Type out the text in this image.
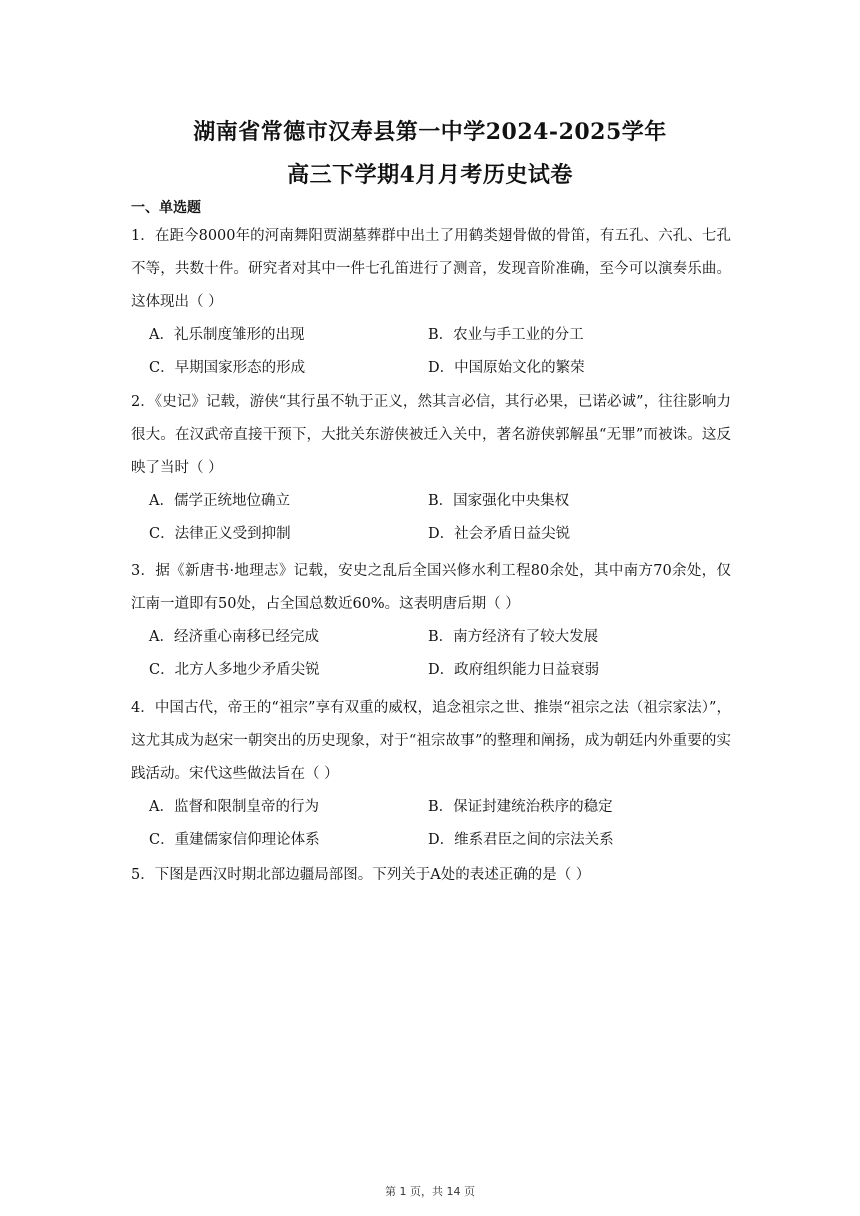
湖南省常德市汉寿县第一中学2024-2025学年
高三下学期4月月考历史试卷
一、单选题
1．在距今8000年的河南舞阳贾湖墓葬群中出土了用鹤类翅骨做的骨笛，有五孔、六孔、七孔不等，共数十件。研究者对其中一件七孔笛进行了测音，发现音阶准确，至今可以演奏乐曲。这体现出（ ）
A．礼乐制度雏形的出现	B．农业与手工业的分工
C．早期国家形态的形成	D．中国原始文化的繁荣
2．《史记》记载，游侠“其行虽不轨于正义，然其言必信，其行必果，已诺必诚”，往往影响力很大。在汉武帝直接干预下，大批关东游侠被迁入关中，著名游侠郭解虽“无罪”而被诛。这反映了当时（ ）
A．儒学正统地位确立	B．国家强化中央集权
C．法律正义受到抑制	D．社会矛盾日益尖锐
3．据《新唐书·地理志》记载，安史之乱后全国兴修水利工程80余处，其中南方70余处，仅江南一道即有50处，占全国总数近60%。这表明唐后期（ ）
A．经济重心南移已经完成	B．南方经济有了较大发展
C．北方人多地少矛盾尖锐	D．政府组织能力日益衰弱
4．中国古代，帝王的“祖宗”享有双重的威权，追念祖宗之世、推崇“祖宗之法（祖宗家法）”，这尤其成为赵宋一朝突出的历史现象，对于“祖宗故事”的整理和阐扬，成为朝廷内外重要的实践活动。宋代这些做法旨在（ ）
A．监督和限制皇帝的行为	B．保证封建统治秩序的稳定
C．重建儒家信仰理论体系	D．维系君臣之间的宗法关系
5．下图是西汉时期北部边疆局部图。下列关于A处的表述正确的是（ ）
第 1 页，共 14 页
